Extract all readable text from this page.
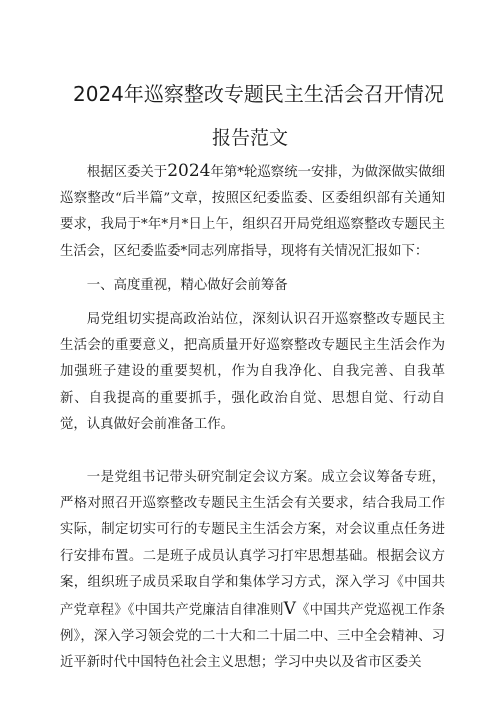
2024年巡察整改专题民主生活会召开情况
报告范文

根据区委关于2024年第*轮巡察统一安排，为做深做实做细巡察整改“后半篇”文章，按照区纪委监委、区委组织部有关通知要求，我局于*年*月*日上午，组织召开局党组巡察整改专题民主生活会，区纪委监委*同志列席指导，现将有关情况汇报如下：

一、高度重视，精心做好会前筹备

局党组切实提高政治站位，深刻认识召开巡察整改专题民主生活会的重要意义，把高质量开好巡察整改专题民主生活会作为加强班子建设的重要契机，作为自我净化、自我完善、自我革新、自我提高的重要抓手，强化政治自觉、思想自觉、行动自觉，认真做好会前准备工作。

一是党组书记带头研究制定会议方案。成立会议筹备专班，严格对照召开巡察整改专题民主生活会有关要求，结合我局工作实际，制定切实可行的专题民主生活会方案，对会议重点任务进行安排布置。二是班子成员认真学习打牢思想基础。根据会议方案，组织班子成员采取自学和集体学习方式，深入学习《中国共产党章程》《中国共产党廉洁自律准则V《中国共产党巡视工作条例》，深入学习领会党的二十大和二十届二中、三中全会精神、习近平新时代中国特色社会主义思想；学习中央以及省市区委关
